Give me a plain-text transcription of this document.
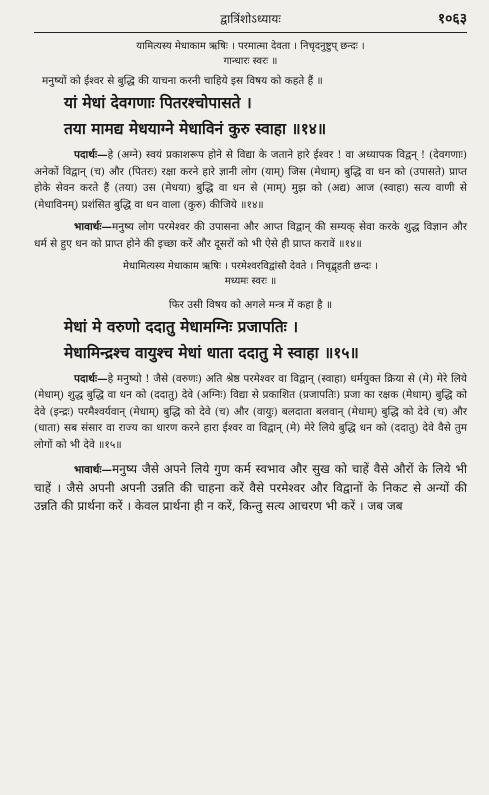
द्वात्रिंशोऽध्यायः	१०६३
यामित्यस्य मेधाकाम ऋषिः । परमात्मा देवता । निचृदनुष्टुप् छन्दः ।
गान्धारः स्वरः ॥
मनुष्यों को ईश्वर से बुद्धि की याचना करनी चाहिये इस विषय को कहते हैं ॥
यां मेधां देवगणाः पितरश्चोपासते ।
तया मामद्य मेधयाग्ने मेधाविनं कुरु स्वाहा ॥१४॥
पदार्थः—हे (अग्ने) स्वयं प्रकाशरूप होने से विद्या के जताने हारे ईश्वर ! वा अध्यापक विद्वन् ! (देवगणाः) अनेकों विद्वान् (च) और (पितरः) रक्षा करने हारे ज्ञानी लोग (याम्) जिस (मेधाम्) बुद्धि वा धन को (उपासते) प्राप्त होके सेवन करते हैं (तया) उस (मेधया) बुद्धि वा धन से (माम्) मुझ को (अद्य) आज (स्वाहा) सत्य वाणी से (मेधाविनम्) प्रशंसित बुद्धि वा धन वाला (कुरु) कीजिये ॥१४॥
भावार्थः—मनुष्य लोग परमेश्वर की उपासना और आप्त विद्वान् की सम्यक् सेवा करके शुद्ध विज्ञान और धर्म से हुए धन को प्राप्त होने की इच्छा करें और दूसरों को भी ऐसे ही प्राप्त करावें ॥१४॥
मेधामित्यस्य मेधाकाम ऋषिः । परमेश्वरविद्वांसौ देवते । निचृद्बृहती छन्दः ।
मध्यमः स्वरः ॥
फिर उसी विषय को अगले मन्त्र में कहा है ॥
मेधां मे वरुणो ददातु मेधामग्निः प्रजापतिः ।
मेधामिन्द्रश्च वायुश्च मेधां धाता ददातु मे स्वाहा ॥१५॥
पदार्थः—हे मनुष्यो ! जैसे (वरुणः) अति श्रेष्ठ परमेश्वर वा विद्वान् (स्वाहा) धर्मयुक्त क्रिया से (मे) मेरे लिये (मेधाम्) शुद्ध बुद्धि वा धन को (ददातु) देवे (अग्निः) विद्या से प्रकाशित (प्रजापतिः) प्रजा का रक्षक (मेधाम्) बुद्धि को देवे (इन्द्रः) परमैश्वर्यवान् (मेधाम्) बुद्धि को देवे (च) और (वायुः) बलदाता बलवान् (मेधाम्) बुद्धि को देवे (च) और (धाता) सब संसार वा राज्य का धारण करने हारा ईश्वर वा विद्वान् (मे) मेरे लिये बुद्धि धन को (ददातु) देवे वैसे तुम लोगों को भी देवे ॥१५॥
भावार्थः—मनुष्य जैसे अपने लिये गुण कर्म स्वभाव और सुख को चाहें वैसे औरों के लिये भी चाहें । जैसे अपनी अपनी उन्नति की चाहना करें वैसे परमेश्वर और विद्वानों के निकट से अन्यों की उन्नति की प्रार्थना करें । केवल प्रार्थना ही न करें, किन्तु सत्य आचरण भी करें । जब जब
